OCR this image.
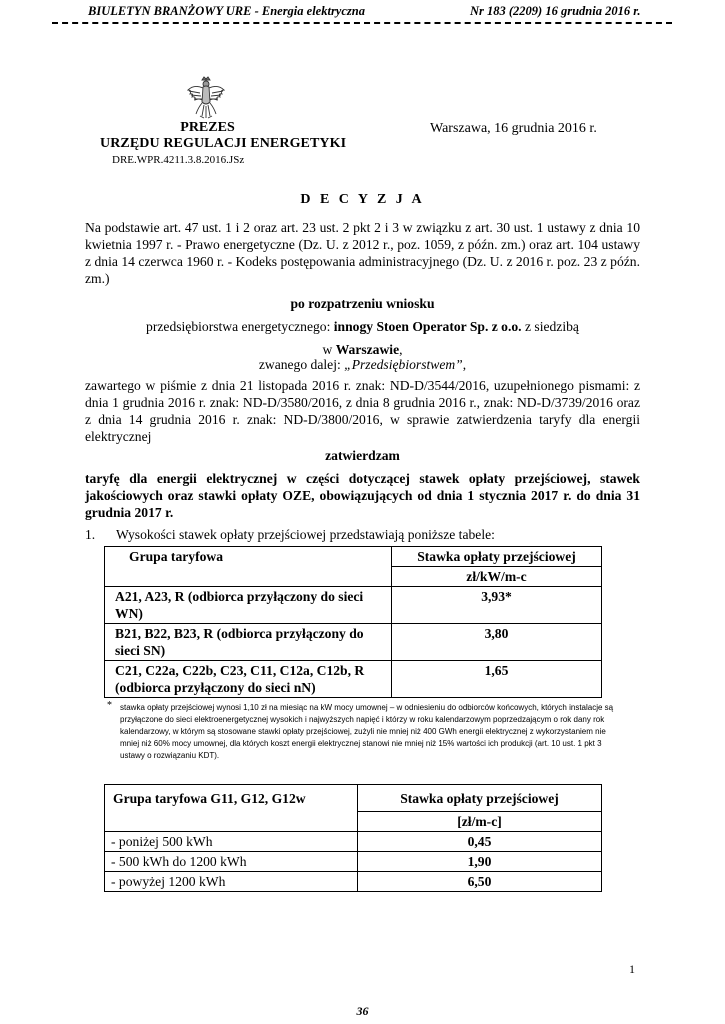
BIULETYN BRANŻOWY URE - Energia elektryczna	Nr 183 (2209) 16 grudnia 2016 r.
PREZES
URZĘDU REGULACJI ENERGETYKI
DRE.WPR.4211.3.8.2016.JSz
Warszawa, 16 grudnia 2016 r.
D E C Y Z J A
Na podstawie art. 47 ust. 1 i 2 oraz art. 23 ust. 2 pkt 2 i 3 w związku z art. 30 ust. 1 ustawy z dnia 10 kwietnia 1997 r. - Prawo energetyczne (Dz. U. z 2012 r., poz. 1059, z późn. zm.) oraz art. 104 ustawy z dnia 14 czerwca 1960 r. - Kodeks postępowania administracyjnego (Dz. U. z 2016 r. poz. 23 z późn. zm.)
po rozpatrzeniu wniosku
przedsiębiorstwa energetycznego: innogy Stoen Operator Sp. z o.o. z siedzibą
w Warszawie,
zwanego dalej: „Przedsiębiorstwem”,
zawartego w piśmie z dnia 21 listopada 2016 r. znak: ND-D/3544/2016, uzupełnionego pismami: z dnia 1 grudnia 2016 r. znak: ND-D/3580/2016, z dnia 8 grudnia 2016 r., znak: ND-D/3739/2016 oraz z dnia 14 grudnia 2016 r. znak: ND-D/3800/2016, w sprawie zatwierdzenia taryfy dla energii elektrycznej
zatwierdzam
taryfę dla energii elektrycznej w części dotyczącej stawek opłaty przejściowej, stawek jakościowych oraz stawki opłaty OZE, obowiązujących od dnia 1 stycznia 2017 r. do dnia 31 grudnia 2017 r.
1. Wysokości stawek opłaty przejściowej przedstawiają poniższe tabele:
Grupa taryfowa	Stawka opłaty przejściowej
	zł/kW/m-c
A21, A23, R (odbiorca przyłączony do sieci WN)	3,93*
B21, B22, B23, R (odbiorca przyłączony do sieci SN)	3,80
C21, C22a, C22b, C23, C11, C12a, C12b, R (odbiorca przyłączony do sieci nN)	1,65
* stawka opłaty przejściowej wynosi 1,10 zł na miesiąc na kW mocy umownej – w odniesieniu do odbiorców końcowych, których instalacje są przyłączone do sieci elektroenergetycznej wysokich i najwyższych napięć i którzy w roku kalendarzowym poprzedzającym o rok dany rok kalendarzowy, w którym są stosowane stawki opłaty przejściowej, zużyli nie mniej niż 400 GWh energii elektrycznej z wykorzystaniem nie mniej niż 60% mocy umownej, dla których koszt energii elektrycznej stanowi nie mniej niż 15% wartości ich produkcji (art. 10 ust. 1 pkt 3 ustawy o rozwiązaniu KDT).
Grupa taryfowa G11, G12, G12w	Stawka opłaty przejściowej
	[zł/m-c]
- poniżej 500 kWh	0,45
- 500 kWh do 1200 kWh	1,90
- powyżej 1200 kWh	6,50
1
36
